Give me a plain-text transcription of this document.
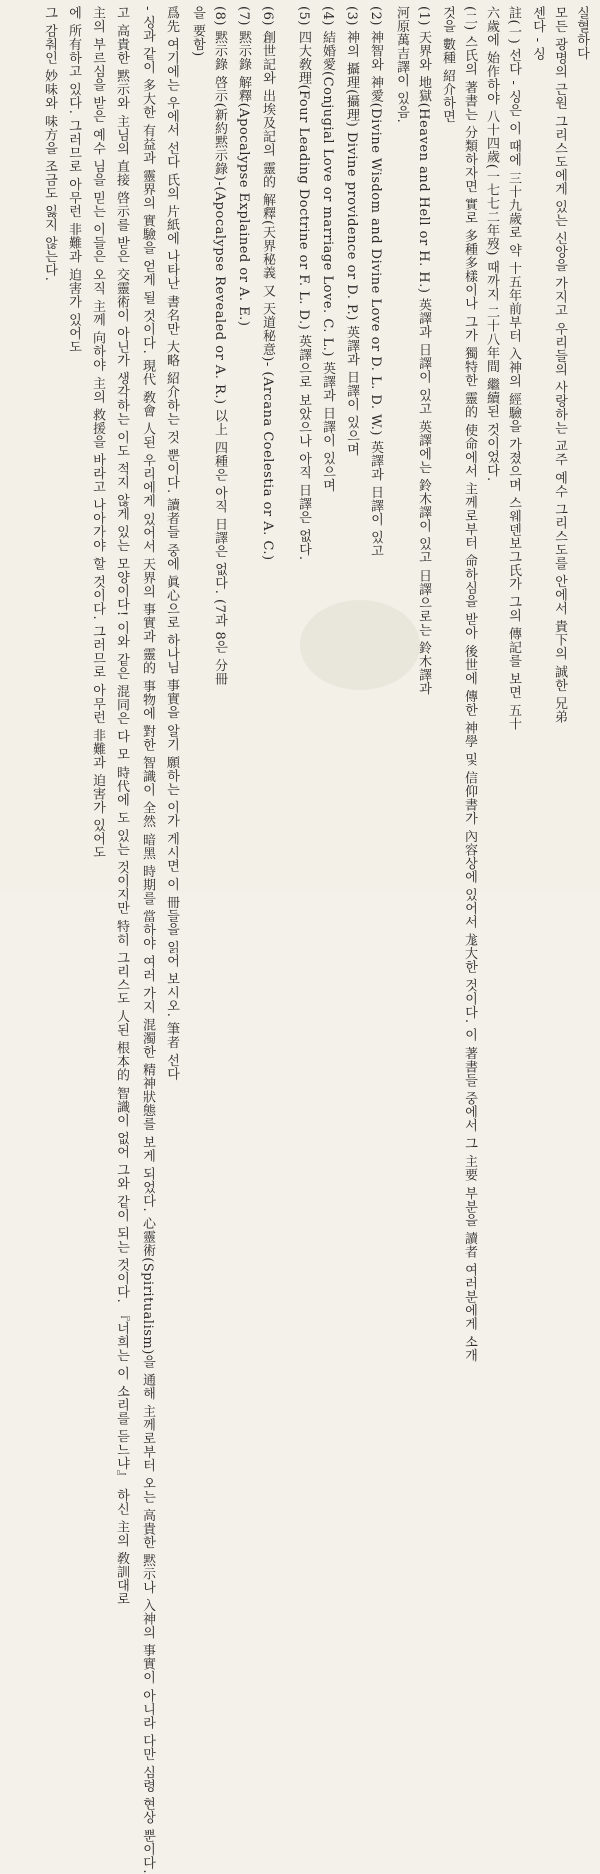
실혈하다
모든 광명의 근원 그리스도에게 있는 신앙을 가지고 우리들의 사랑하는 교주 예수 그리스도를 안에서 貴下의 誠한 兄弟
센다 - 싱
註(一) 선다 - 싱은 이 때에 三十九歲로 약 十五年前부터 入神의 經驗을 가졌으며 스웨덴보그氏가 그의 傳記를 보면 五十
六歲에 始作하야 八十四歲(一七七二年歿) 때까지 二十八年間 繼續된 것이었다.
(二) 스氏의 著書는 分類하자면 實로 多種多樣이나 그가 獨特한 靈的 使命에서 主께로부터 命하심을 받아 後世에 傳한 神學 및 信仰書가 內容상에 있어서 尨大한 것이다. 이 著書들 중에서 그 主要 부분을 讀者 여러분에게 소개
것을 數種 紹介하면
(1) 天界와 地獄(Heaven and Hell or H. H.) 英譯과 日譯이 있고 英譯에는 鈴木譯이 있고 日譯으로는 鈴木譯과
河原萬吉譯이 있음.
(2) 神智와 神愛(Divine Wisdom and Divine Love or D. L. D. W.) 英譯과 日譯이 있고
(3) 神의 攝理(攝理) Divine providence or D. P.) 英譯과 日譯이 있으며
(4) 結婚愛(Conjugial Love or marriage Love. C. L.) 英譯과 日譯이 있으며
(5) 四大敎理(Four Leading Doctrine or F. L. D.) 英譯으로 보았으나 아직 日譯은 없다.
(6) 創世記와 出埃及記의 靈的 解釋(天界秘義 又 天道秘意)- (Arcana Coelestia or A. C.)
(7) 黙示錄 解釋(Apocalypse Explained or A. E.)
(8) 黙示錄 啓示(新約黙示錄)-(Apocalypse Revealed or A. R.) 以上 四種은 아직 日譯은 없다. (7과 8은 分冊
을 要함)
爲先 여기에는 우에서 선다 氏의 片紙에 나타난 書名만 大略 紹介하는 것 뿐이다. 讀者들 중에 眞心으로 하나님 事實을 알기 願하는 이가 게시면 이 冊들을 읽어 보시오. 筆者 선다
- 싱과 같이 多大한 有益과 靈界의 實驗을 얻게 될 것이다. 現代 敎會 人된 우리에게 있어서 天界의 事實과 靈的 事物에 對한 智識이 全然 暗黑 時期를 當하야 여러 가지 混濁한 精神狀態를 보게 되었다. 心靈術(Spiritualism)을 通해 主께로부터 오는 高貴한 黙示나 入神의 事實이 아니라 다만 심령 현상 뿐이다.
고 高貴한 黙示와 主님의 直接 啓示를 받은 交靈術이 아닌가 생각하는 이도 적지 않게 있는 모양이다! 이와 같은 混同은 다 모 時代에 도 있는 것이지만 特히 그리스도 人된 根本的 智識이 없어 그와 같이 되는 것이다. 『너희는 이 소리를 듣느냐』 하신 主의 敎訓대로
主의 부르심을 받은 예수 님을 믿는 이들은 오직 主께 向하야 主의 救援을 바라고 나아가야 할 것이다. 그러므로 아무런 非難과 迫害가 있어도
에 所有하고 있다. 그러므로 아무런 非難과 迫害가 있어도
그 감춰인 妙味와 味方을 조금도 잃지 않는다.
